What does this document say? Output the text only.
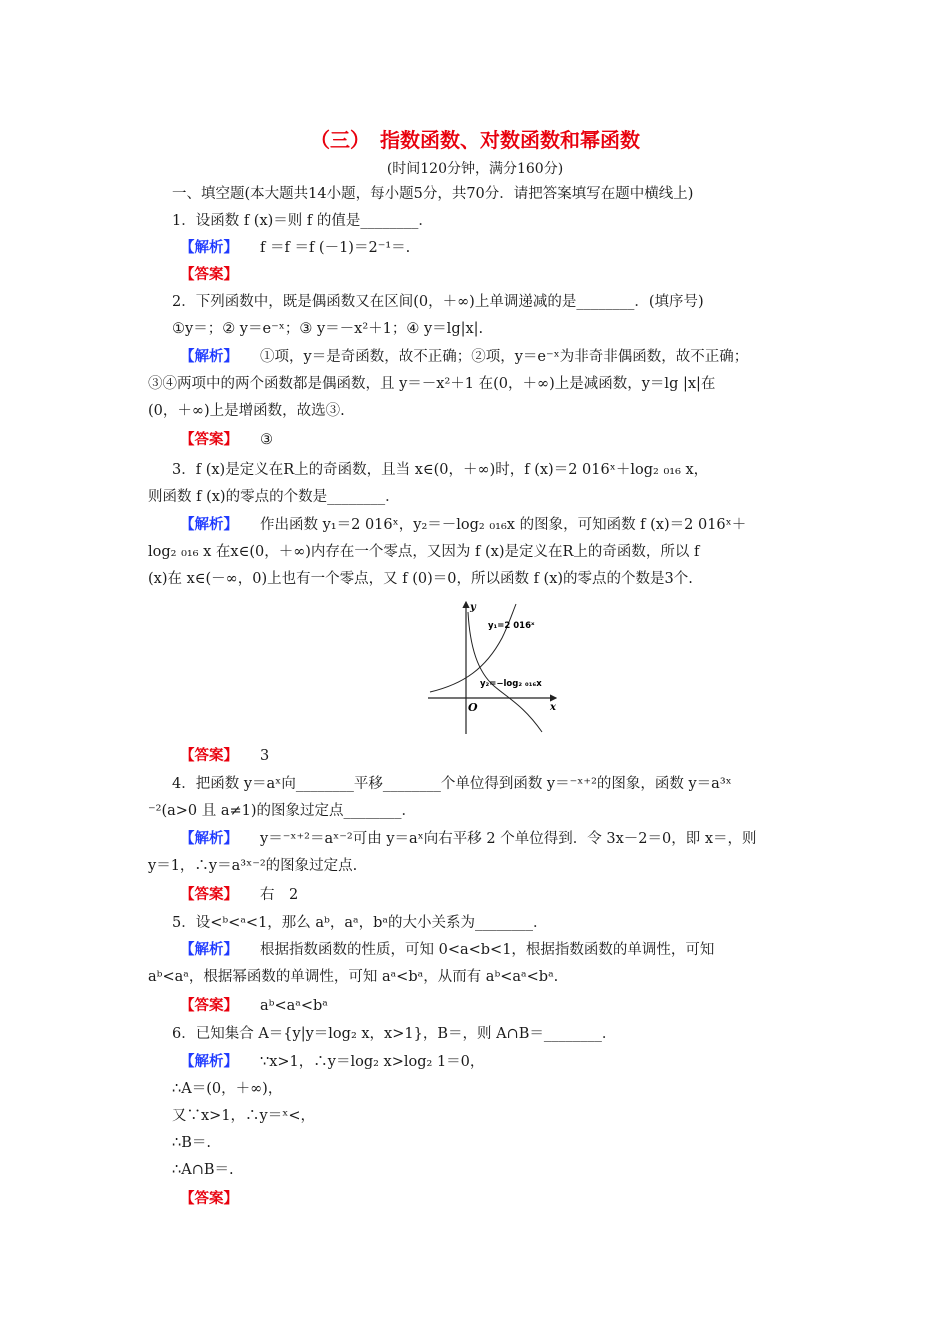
（三）　指数函数、对数函数和幂函数
(时间120分钟，满分160分)
一、填空题(本大题共14小题，每小题5分，共70分．请把答案填写在题中横线上)
1．设函数 f (x)＝则 f 的值是________．
【解析】 f ＝f ＝f (－1)＝2⁻¹＝.
【答案】
2．下列函数中，既是偶函数又在区间(0，＋∞)上单调递减的是________．(填序号)
①y＝；② y＝e⁻ˣ；③ y＝－x²＋1；④ y＝lg|x|.
【解析】 ①项，y＝是奇函数，故不正确；②项，y＝e⁻ˣ为非奇非偶函数，故不正确；
③④两项中的两个函数都是偶函数，且 y＝－x²＋1 在(0，＋∞)上是减函数，y＝lg |x|在
(0，＋∞)上是增函数，故选③.
【答案】 ③
3．f (x)是定义在R上的奇函数，且当 x∈(0，＋∞)时，f (x)＝2 016ˣ＋log₂ ₀₁₆ x，
则函数 f (x)的零点的个数是________．
【解析】 作出函数 y₁＝2 016ˣ，y₂＝－log₂ ₀₁₆x 的图象，可知函数 f (x)＝2 016ˣ＋
log₂ ₀₁₆ x 在x∈(0，＋∞)内存在一个零点，又因为 f (x)是定义在R上的奇函数，所以 f
(x)在 x∈(－∞，0)上也有一个零点，又 f (0)＝0，所以函数 f (x)的零点的个数是3个.
y
x
O
y₁=2 016ˣ
y₂=−log₂ ₀₁₆x
【答案】 3
4．把函数 y＝aˣ向________平移________个单位得到函数 y＝⁻ˣ⁺²的图象，函数 y＝a³ˣ
⁻²(a>0 且 a≠1)的图象过定点________．
【解析】 y＝⁻ˣ⁺²＝aˣ⁻²可由 y＝aˣ向右平移 2 个单位得到．令 3x－2＝0，即 x＝，则
y＝1，∴y＝a³ˣ⁻²的图象过定点.
【答案】 右　2
5．设<ᵇ<ᵃ<1，那么 aᵇ，aᵃ，bᵃ的大小关系为________．
【解析】 根据指数函数的性质，可知 0<a<b<1，根据指数函数的单调性，可知
aᵇ<aᵃ，根据幂函数的单调性，可知 aᵃ<bᵃ，从而有 aᵇ<aᵃ<bᵃ.
【答案】 aᵇ<aᵃ<bᵃ
6．已知集合 A＝{y|y＝log₂ x，x>1}，B＝，则 A∩B＝________．
【解析】 ∵x>1，∴y＝log₂ x>log₂ 1＝0，
∴A＝(0，＋∞)，
又∵x>1，∴y＝ˣ<，
∴B＝.
∴A∩B＝.
【答案】
